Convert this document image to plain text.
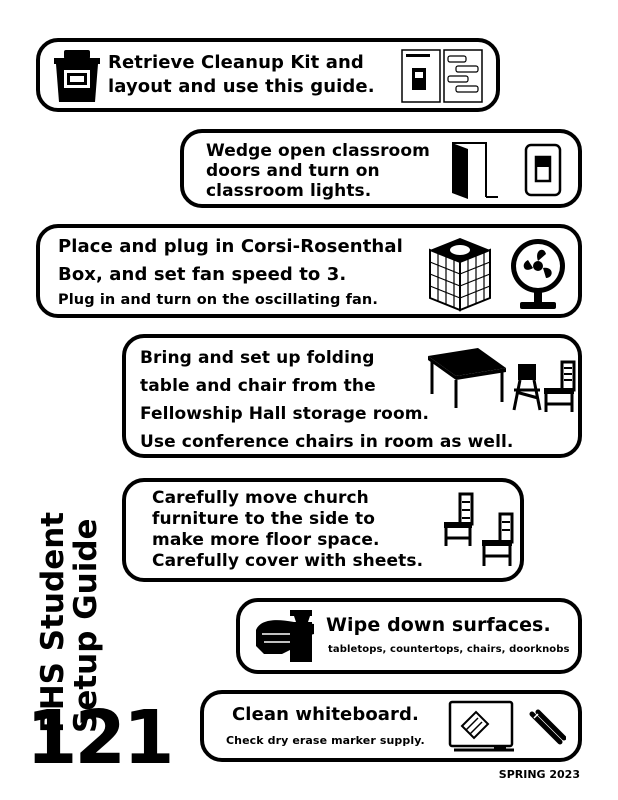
PHS Student
Setup Guide
121	SPRING 2023
Retrieve Cleanup Kit and
layout and use this guide.
Wedge open classroom
doors and turn on
classroom lights.
Place and plug in Corsi-Rosenthal
Box, and set fan speed to 3.
Plug in and turn on the oscillating fan.
Bring and set up folding
table and chair from the
Fellowship Hall storage room.
Use conference chairs in room as well.
Carefully move church
furniture to the side to
make more floor space.
Carefully cover with sheets.
Wipe down surfaces.
tabletops, countertops, chairs, doorknobs
Clean whiteboard.
Check dry erase marker supply.
